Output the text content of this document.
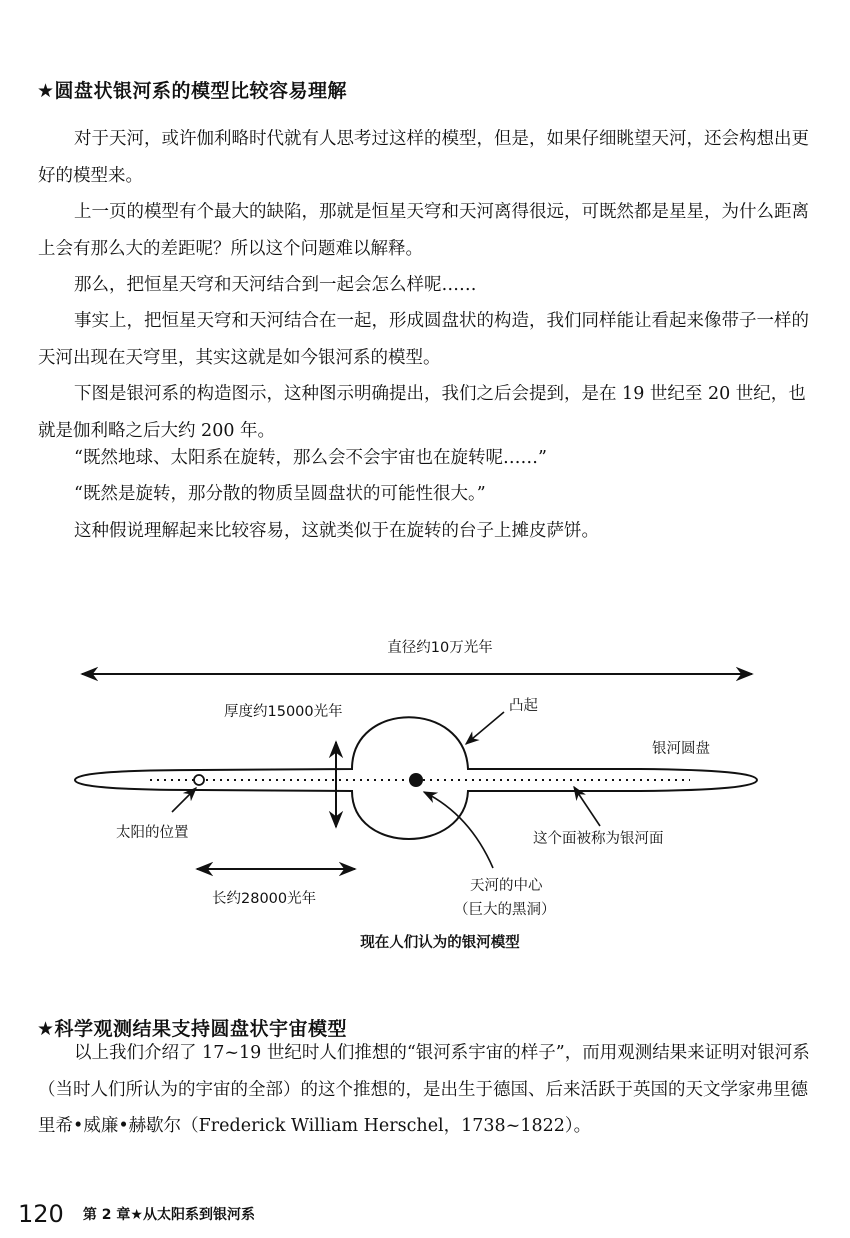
★圆盘状银河系的模型比较容易理解

对于天河，或许伽利略时代就有人思考过这样的模型，但是，如果仔细眺望天河，还会构想出更好的模型来。

上一页的模型有个最大的缺陷，那就是恒星天穹和天河离得很远，可既然都是星星，为什么距离上会有那么大的差距呢？所以这个问题难以解释。

那么，把恒星天穹和天河结合到一起会怎么样呢……

事实上，把恒星天穹和天河结合在一起，形成圆盘状的构造，我们同样能让看起来像带子一样的天河出现在天穹里，其实这就是如今银河系的模型。

下图是银河系的构造图示，这种图示明确提出，我们之后会提到，是在 19 世纪至 20 世纪，也就是伽利略之后大约 200 年。

“既然地球、太阳系在旋转，那么会不会宇宙也在旋转呢……”

“既然是旋转，那分散的物质呈圆盘状的可能性很大。”

这种假说理解起来比较容易，这就类似于在旋转的台子上摊皮萨饼。

直径约10万光年
厚度约15000光年	凸起
银河圆盘
太阳的位置	这个面被称为银河面
长约28000光年
天河的中心
（巨大的黑洞）
现在人们认为的银河模型
★科学观测结果支持圆盘状宇宙模型

以上我们介绍了 17~19 世纪时人们推想的“银河系宇宙的样子”，而用观测结果来证明对银河系（当时人们所认为的宇宙的全部）的这个推想的，是出生于德国、后来活跃于英国的天文学家弗里德里希•威廉•赫歇尔（Frederick William Herschel，1738~1822）。

120 第 2 章★从太阳系到银河系
